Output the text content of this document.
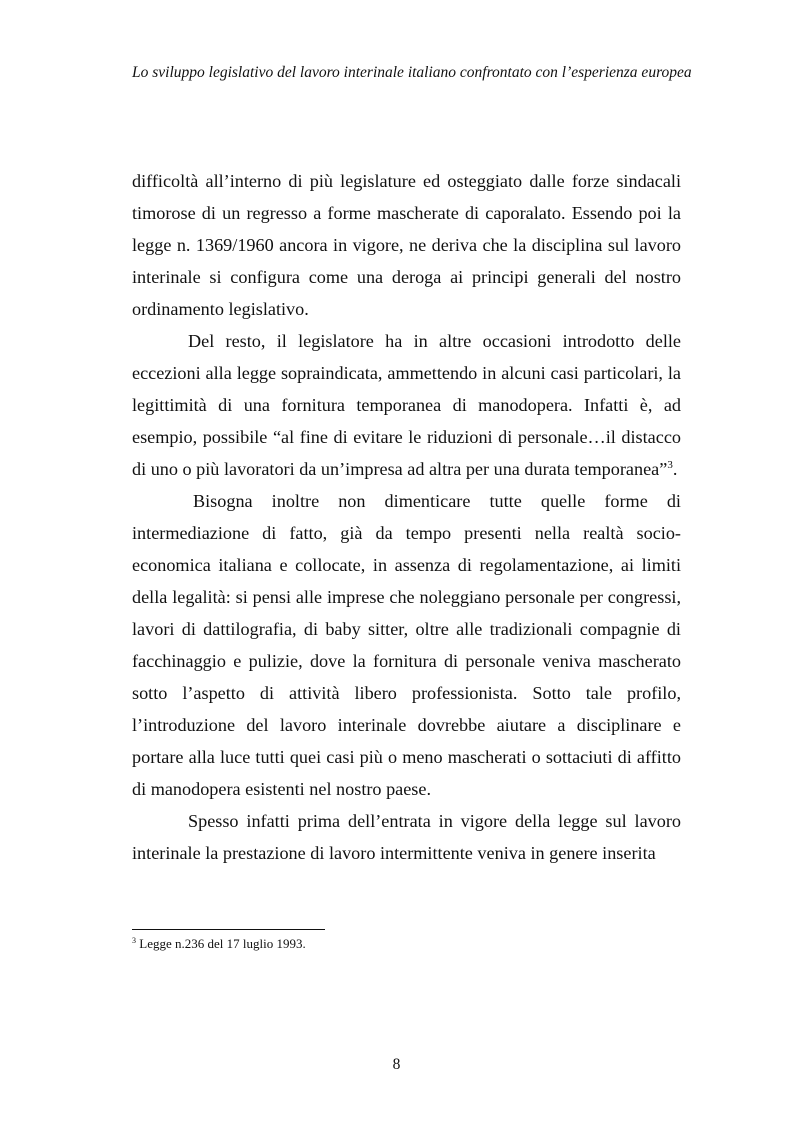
Lo sviluppo legislativo del lavoro interinale italiano confrontato con l’esperienza europea

difficoltà all’interno di più legislature ed osteggiato dalle forze sindacali timorose di un regresso a forme mascherate di caporalato. Essendo poi la legge n. 1369/1960 ancora in vigore, ne deriva che la disciplina sul lavoro interinale si configura come una deroga ai principi generali del nostro ordinamento legislativo.

Del resto, il legislatore ha in altre occasioni introdotto delle eccezioni alla legge sopraindicata, ammettendo in alcuni casi particolari, la legittimità di una fornitura temporanea di manodopera. Infatti è, ad esempio, possibile “al fine di evitare le riduzioni di personale…il distacco di uno o più lavoratori da un’impresa ad altra per una durata temporanea”$^3$.

Bisogna inoltre non dimenticare tutte quelle forme di intermediazione di fatto, già da tempo presenti nella realtà socio-economica italiana e collocate, in assenza di regolamentazione, ai limiti della legalità: si pensi alle imprese che noleggiano personale per congressi, lavori di dattilografia, di baby sitter, oltre alle tradizionali compagnie di facchinaggio e pulizie, dove la fornitura di personale veniva mascherato sotto l’aspetto di attività libero professionista. Sotto tale profilo, l’introduzione del lavoro interinale dovrebbe aiutare a disciplinare e portare alla luce tutti quei casi più o meno mascherati o sottaciuti di affitto di manodopera esistenti nel nostro paese.

Spesso infatti prima dell’entrata in vigore della legge sul lavoro interinale la prestazione di lavoro intermittente veniva in genere inserita

$^3$ Legge n.236 del 17 luglio 1993.
8
